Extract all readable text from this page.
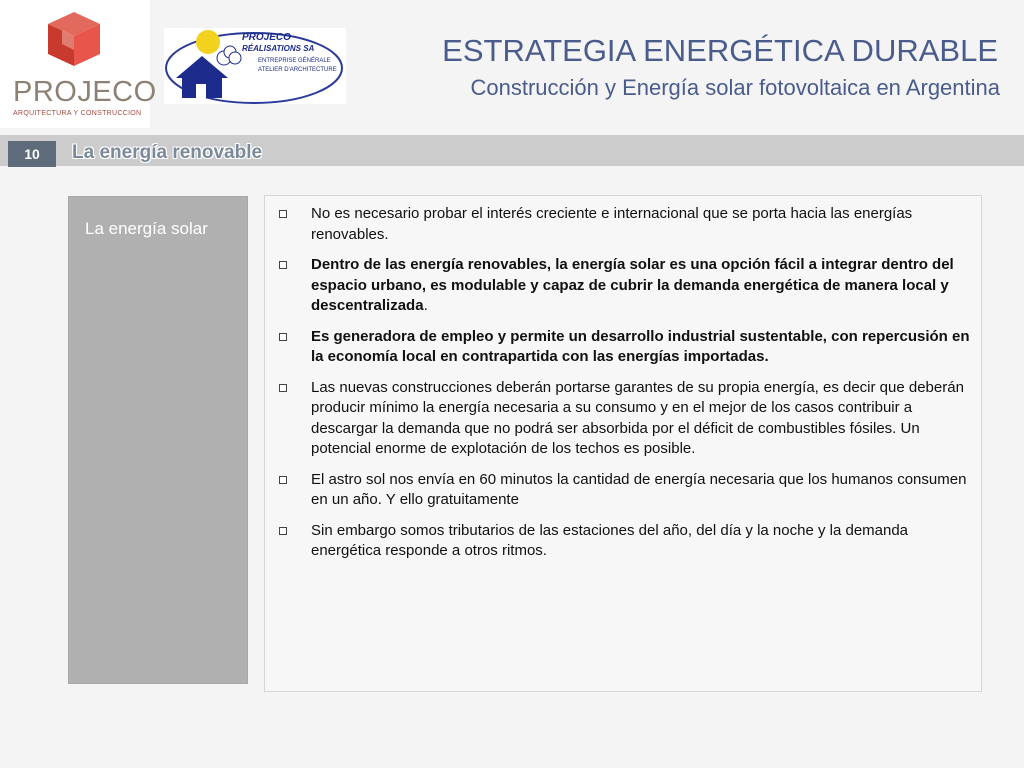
PROJECO
ARQUITECTURA Y CONSTRUCCION
PROJECO
RÉALISATIONS SA
ENTREPRISE GÉNÉRALE
ATELIER D'ARCHITECTURE
ESTRATEGIA ENERGÉTICA DURABLE
Construcción y Energía solar fotovoltaica en Argentina
10	La energía renovable
La energía solar
No es necesario probar el interés creciente e internacional que se porta hacia las energías renovables.
Dentro de las energía renovables, la energía solar es una opción fácil a integrar dentro del espacio urbano, es modulable y capaz de cubrir la demanda energética de manera local y descentralizada.
Es generadora de empleo y permite un desarrollo industrial sustentable, con repercusión en la economía local en contrapartida con las energías importadas.
Las nuevas construcciones deberán portarse garantes de su propia energía, es decir que deberán producir mínimo la energía necesaria a su consumo y en el mejor de los casos contribuir a descargar la demanda que no podrá ser absorbida por el déficit de combustibles fósiles. Un potencial enorme de explotación de los techos es posible.
El astro sol nos envía en 60 minutos la cantidad de energía necesaria que los humanos consumen en un año. Y ello gratuitamente
Sin embargo somos tributarios de las estaciones del año, del día y la noche y la demanda energética responde a otros ritmos.
